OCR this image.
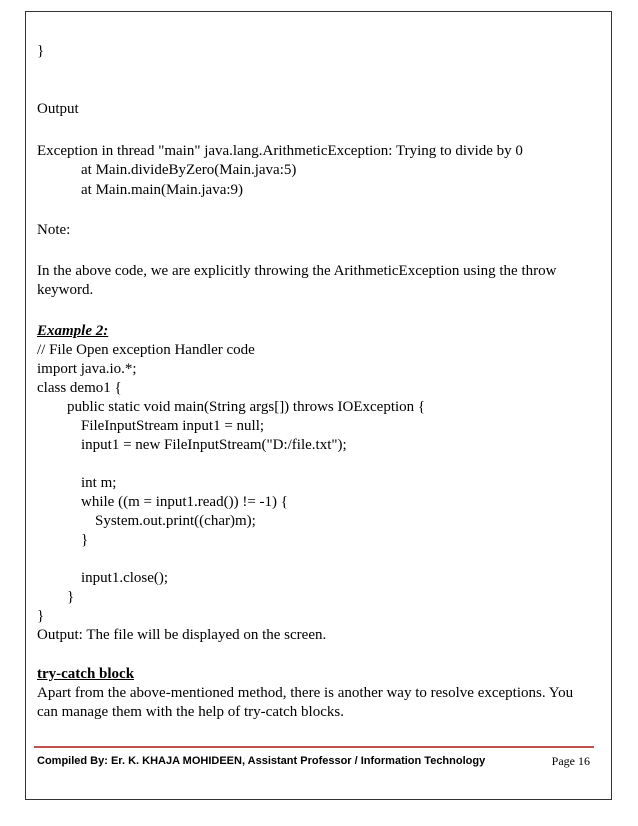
}
Output
Exception in thread "main" java.lang.ArithmeticException: Trying to divide by 0
at Main.divideByZero(Main.java:5)
at Main.main(Main.java:9)
Note:
In the above code, we are explicitly throwing the ArithmeticException using the throw
keyword.
Example 2:
// File Open exception Handler code
import java.io.*;
class demo1 {
public static void main(String args[]) throws IOException {
FileInputStream input1 = null;
input1 = new FileInputStream("D:/file.txt");
int m;
while ((m = input1.read()) != -1) {
System.out.print((char)m);
}
input1.close();
}
}
Output: The file will be displayed on the screen.
try-catch block
Apart from the above-mentioned method, there is another way to resolve exceptions. You
can manage them with the help of try-catch blocks.
Compiled By: Er. K. KHAJA MOHIDEEN, Assistant Professor / Information Technology	Page 16
